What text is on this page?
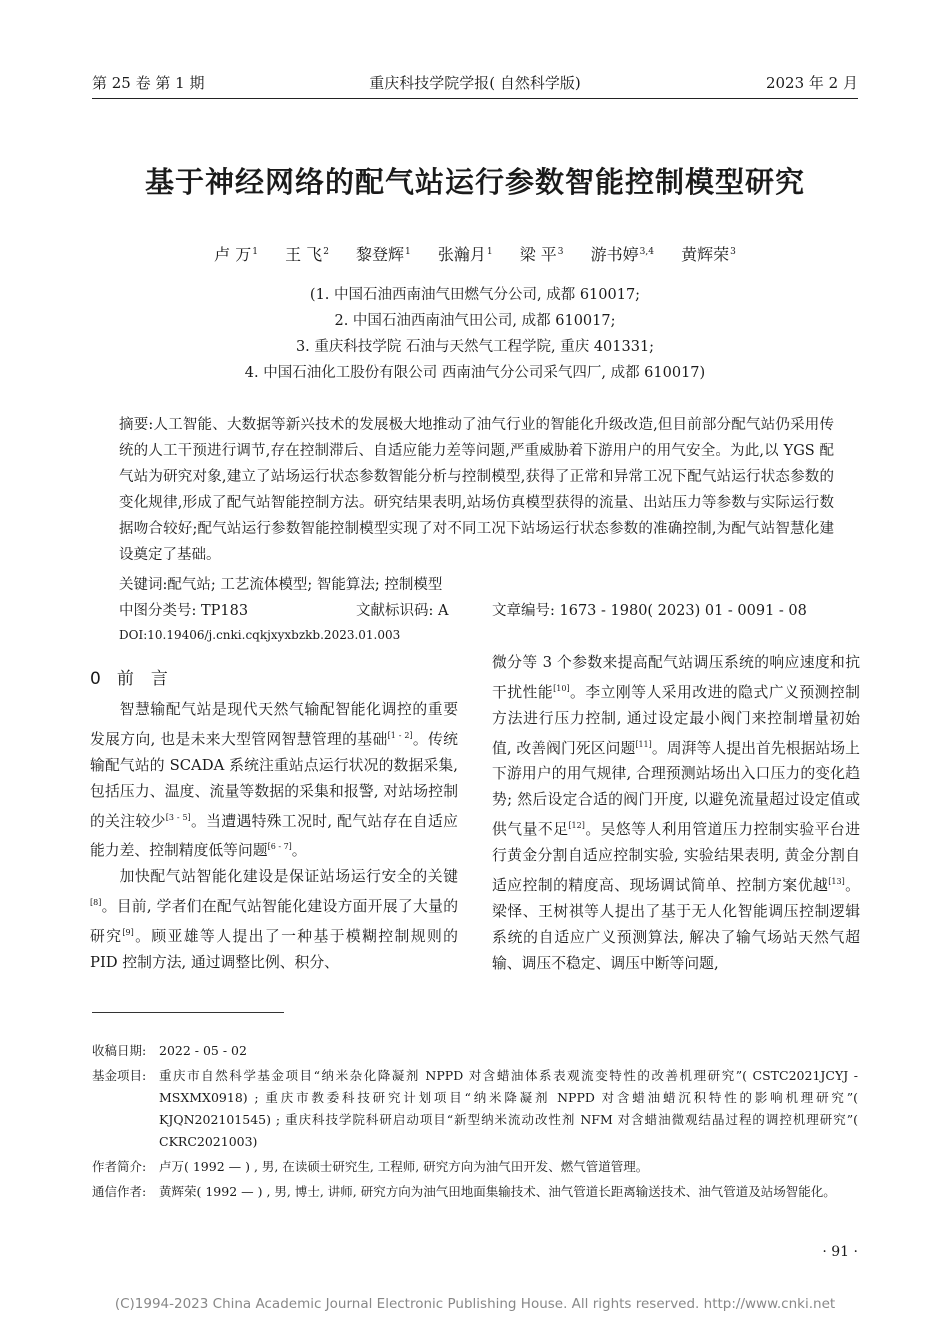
第 25 卷 第 1 期	重庆科技学院学报( 自然科学版)	2023 年 2 月
基于神经网络的配气站运行参数智能控制模型研究
卢 万$^1$ 王 飞$^2$ 黎登辉$^1$ 张瀚月$^1$ 梁 平$^3$ 游书婷$^{3,4}$ 黄辉荣$^3$
(1. 中国石油西南油气田燃气分公司, 成都 610017;
2. 中国石油西南油气田公司, 成都 610017;
3. 重庆科技学院 石油与天然气工程学院, 重庆 401331;
4. 中国石油化工股份有限公司 西南油气分公司采气四厂, 成都 610017)
摘要:人工智能、大数据等新兴技术的发展极大地推动了油气行业的智能化升级改造,但目前部分配气站仍采用传统的人工干预进行调节,存在控制滞后、自适应能力差等问题,严重威胁着下游用户的用气安全。为此,以 YGS 配气站为研究对象,建立了站场运行状态参数智能分析与控制模型,获得了正常和异常工况下配气站运行状态参数的变化规律,形成了配气站智能控制方法。研究结果表明,站场仿真模型获得的流量、出站压力等参数与实际运行数据吻合较好;配气站运行参数智能控制模型实现了对不同工况下站场运行状态参数的准确控制,为配气站智慧化建设奠定了基础。
关键词:配气站; 工艺流体模型; 智能算法; 控制模型
中图分类号: TP183	文献标识码: A	文章编号: 1673 - 1980( 2023) 01 - 0091 - 08
DOI:10.19406/j.cnki.cqkjxyxbzkb.2023.01.003
0 前　言

智慧输配气站是现代天然气输配智能化调控的重要发展方向, 也是未来大型管网智慧管理的基础[1 - 2]。传统输配气站的 SCADA 系统注重站点运行状况的数据采集, 包括压力、温度、流量等数据的采集和报警, 对站场控制的关注较少[3 - 5]。当遭遇特殊工况时, 配气站存在自适应能力差、控制精度低等问题[6 - 7]。

加快配气站智能化建设是保证站场运行安全的关键[8]。目前, 学者们在配气站智能化建设方面开展了大量的研究[9]。顾亚雄等人提出了一种基于模糊控制规则的 PID 控制方法, 通过调整比例、积分、

微分等 3 个参数来提高配气站调压系统的响应速度和抗干扰性能[10]。李立刚等人采用改进的隐式广义预测控制方法进行压力控制, 通过设定最小阀门来控制增量初始值, 改善阀门死区问题[11]。周湃等人提出首先根据站场上下游用户的用气规律, 合理预测站场出入口压力的变化趋势; 然后设定合适的阀门开度, 以避免流量超过设定值或供气量不足[12]。吴悠等人利用管道压力控制实验平台进行黄金分割自适应控制实验, 实验结果表明, 黄金分割自适应控制的精度高、现场调试简单、控制方案优越[13]。梁怿、王树祺等人提出了基于无人化智能调压控制逻辑系统的自适应广义预测算法, 解决了输气场站天然气超输、调压不稳定、调压中断等问题,

收稿日期: 2022 - 05 - 02
基金项目: 重庆市自然科学基金项目“纳米杂化降凝剂 NPPD 对含蜡油体系表观流变特性的改善机理研究”( CSTC2021JCYJ - MSXMX0918) ; 重庆市教委科技研究计划项目“纳米降凝剂 NPPD 对含蜡油蜡沉积特性的影响机理研究”( KJQN202101545) ; 重庆科技学院科研启动项目“新型纳米流动改性剂 NFM 对含蜡油微观结晶过程的调控机理研究”( CKRC2021003)
作者简介: 卢万( 1992 — ) , 男, 在读硕士研究生, 工程师, 研究方向为油气田开发、燃气管道管理。
通信作者: 黄辉荣( 1992 — ) , 男, 博士, 讲师, 研究方向为油气田地面集输技术、油气管道长距离输送技术、油气管道及站场智能化。
· 91 ·
(C)1994-2023 China Academic Journal Electronic Publishing House. All rights reserved. http://www.cnki.net
